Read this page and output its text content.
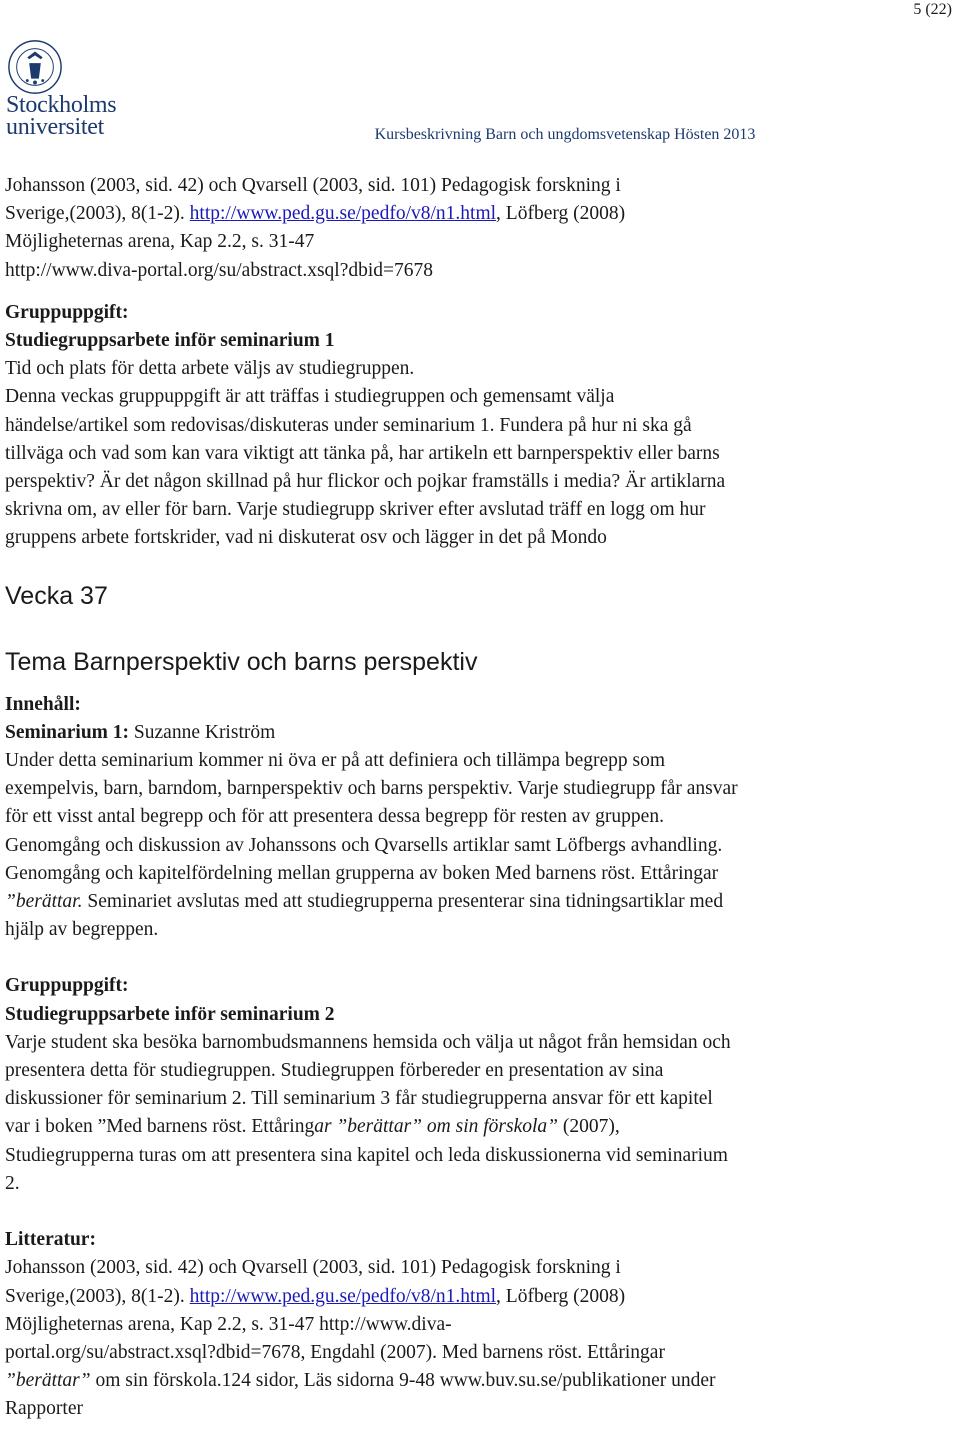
5 (22)
Stockholms
universitet	Kursbeskrivning Barn och ungdomsvetenskap Hösten 2013

Johansson (2003, sid. 42) och Qvarsell (2003, sid. 101) Pedagogisk forskning i

Sverige,(2003), 8(1-2). http://www.ped.gu.se/pedfo/v8/n1.html, Löfberg (2008)

Möjligheternas arena, Kap 2.2, s. 31-47

http://www.diva-portal.org/su/abstract.xsql?dbid=7678

Gruppuppgift:

Studiegruppsarbete inför seminarium 1

Tid och plats för detta arbete väljs av studiegruppen.

Denna veckas gruppuppgift är att träffas i studiegruppen och gemensamt välja

händelse/artikel som redovisas/diskuteras under seminarium 1. Fundera på hur ni ska gå

tillväga och vad som kan vara viktigt att tänka på, har artikeln ett barnperspektiv eller barns

perspektiv? Är det någon skillnad på hur flickor och pojkar framställs i media? Är artiklarna

skrivna om, av eller för barn. Varje studiegrupp skriver efter avslutad träff en logg om hur

gruppens arbete fortskrider, vad ni diskuterat osv och lägger in det på Mondo

Vecka 37

Tema Barnperspektiv och barns perspektiv

Innehåll:

Seminarium 1: Suzanne Kriström

Under detta seminarium kommer ni öva er på att definiera och tillämpa begrepp som

exempelvis, barn, barndom, barnperspektiv och barns perspektiv. Varje studiegrupp får ansvar

för ett visst antal begrepp och för att presentera dessa begrepp för resten av gruppen.

Genomgång och diskussion av Johanssons och Qvarsells artiklar samt Löfbergs avhandling.

Genomgång och kapitelfördelning mellan grupperna av boken Med barnens röst. Ettåringar

”berättar. Seminariet avslutas med att studiegrupperna presenterar sina tidningsartiklar med

hjälp av begreppen.

Gruppuppgift:

Studiegruppsarbete inför seminarium 2

Varje student ska besöka barnombudsmannens hemsida och välja ut något från hemsidan och

presentera detta för studiegruppen. Studiegruppen förbereder en presentation av sina

diskussioner för seminarium 2. Till seminarium 3 får studiegrupperna ansvar för ett kapitel

var i boken ”Med barnens röst. Ettåringar ”berättar” om sin förskola” (2007),

Studiegrupperna turas om att presentera sina kapitel och leda diskussionerna vid seminarium

2.

Litteratur:

Johansson (2003, sid. 42) och Qvarsell (2003, sid. 101) Pedagogisk forskning i

Sverige,(2003), 8(1-2). http://www.ped.gu.se/pedfo/v8/n1.html, Löfberg (2008)

Möjligheternas arena, Kap 2.2, s. 31-47 http://www.diva-

portal.org/su/abstract.xsql?dbid=7678, Engdahl (2007). Med barnens röst. Ettåringar

”berättar” om sin förskola.124 sidor, Läs sidorna 9-48 www.buv.su.se/publikationer under

Rapporter
